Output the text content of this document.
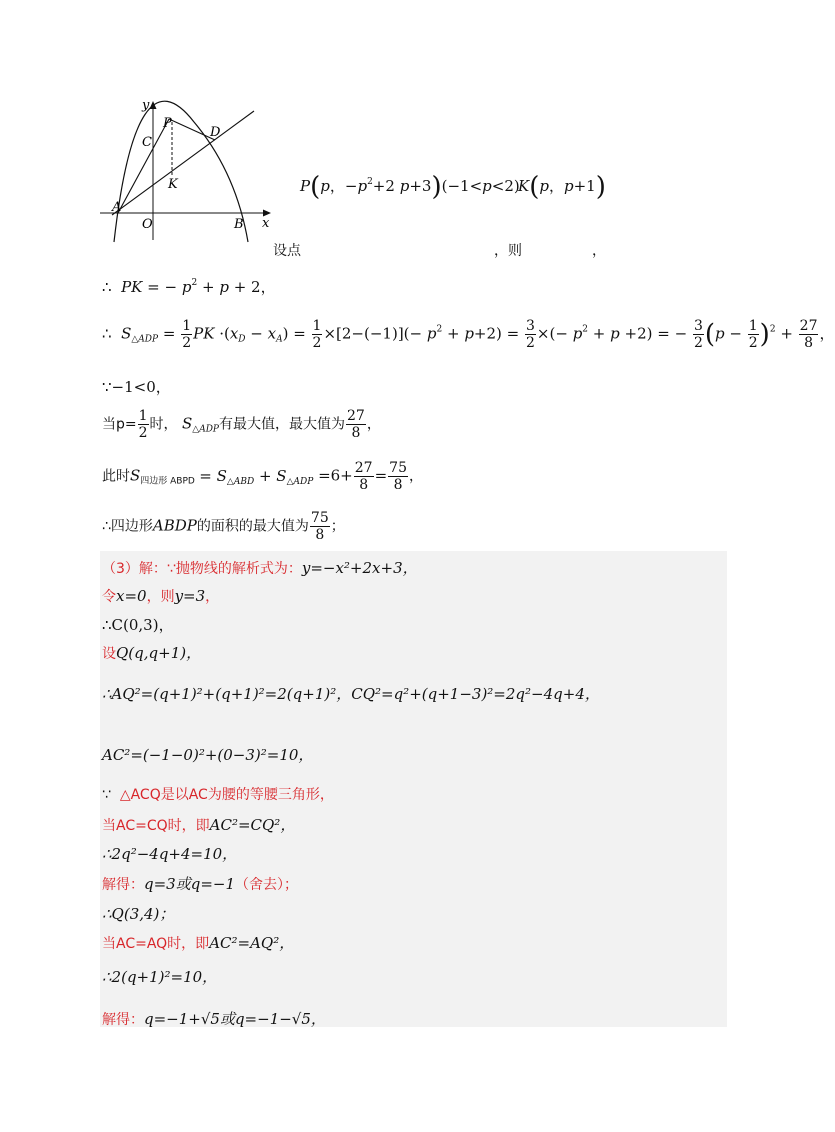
y
x
P
D
C
K
A
O	B
P(p，$-p^2+2$ p+3)(−1<p<2)
K(p，p+1)
设点	，则	，
∴ PK = − $p^2 + p + 2$，
∴ $S_{\triangle ADP} = \frac{1}{2}$ PK $\cdot(x_D - x_A) = \frac{1}{2} \times[2-(-1)](- p^2 + p+2) = \frac{3}{2}$ ×(− $p^2 + p +2$) = − $\frac{3}{2} (p - \frac{1}{2} )^2 + \frac{27}{8}$ ，
∵−1<0，
当$p= \frac{1}{2}$ 时， $S_{\triangle ADP}$有最大值，最大值为 $\frac{27}{8}$ ，
此时$S_{四边形 ABPD} = S_{\triangle ABD} + S_{\triangle ADP} =6+ \frac{27}{8} = \frac{75}{8}$ ，
∴四边形ABDP的面积的最大值为 $\frac{75}{8}$ ；
（3）解：∵抛物线的解析式为：y=−x²+2x+3，
令x=0，则y=3，
∴C(0,3)，
设Q(q,q+1)，
∴AQ²=(q+1)²+(q+1)²=2(q+1)²，CQ²=q²+(q+1−3)²=2q²−4q+4，
AC²=(−1−0)²+(0−3)²=10，
∵ △ACQ是以AC为腰的等腰三角形，
当AC=CQ时，即AC²=CQ²，
∴2q²−4q+4=10，
解得：q=3或q=−1（舍去）；
∴Q(3,4)；
当AC=AQ时，即AC²=AQ²，
∴2(q+1)²=10，
解得：q=−1+√5或q=−1−√5，
